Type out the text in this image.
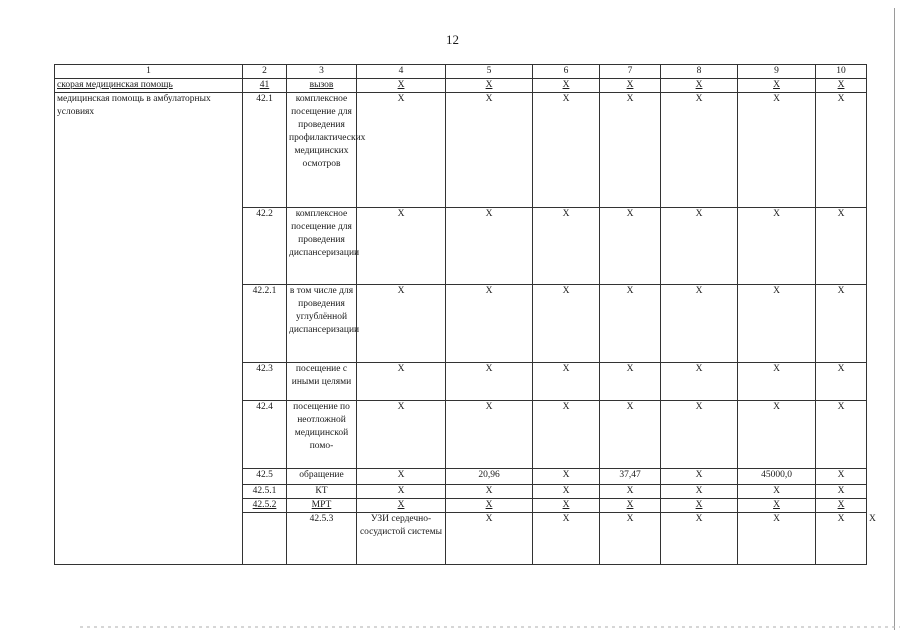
12
1	2	3	4	5	6	7	8	9	10	
скорая медицинская помощь	41	вызов	Х	Х	Х	Х	Х	Х	Х	
медицинская помощь в амбулаторных условиях	42.1	комплексное посещение для проведения профилактических медицинских осмотров	Х	Х	Х	Х	Х	Х	Х	
	42.2	комплексное посещение для проведения диспансеризации	Х	Х	Х	Х	Х	Х	Х	
	42.2.1	в том числе для проведения углублённой диспансеризации	Х	Х	Х	Х	Х	Х	Х	
	42.3	посещение с иными целями	Х	Х	Х	Х	Х	Х	Х	
	42.4	посещение по неотложной медицинской помо-	Х	Х	Х	Х	Х	Х	Х	
	42.5	обращение	Х	20,96	Х	37,47	Х	45000,0	Х	
	42.5.1	КТ	Х	Х	Х	Х	Х	Х	Х	
	42.5.2	МРТ	Х	Х	Х	Х	Х	Х	Х	
		42.5.3	УЗИ сердечно-сосудистой системы	Х	Х	Х	Х	Х	Х	Х
